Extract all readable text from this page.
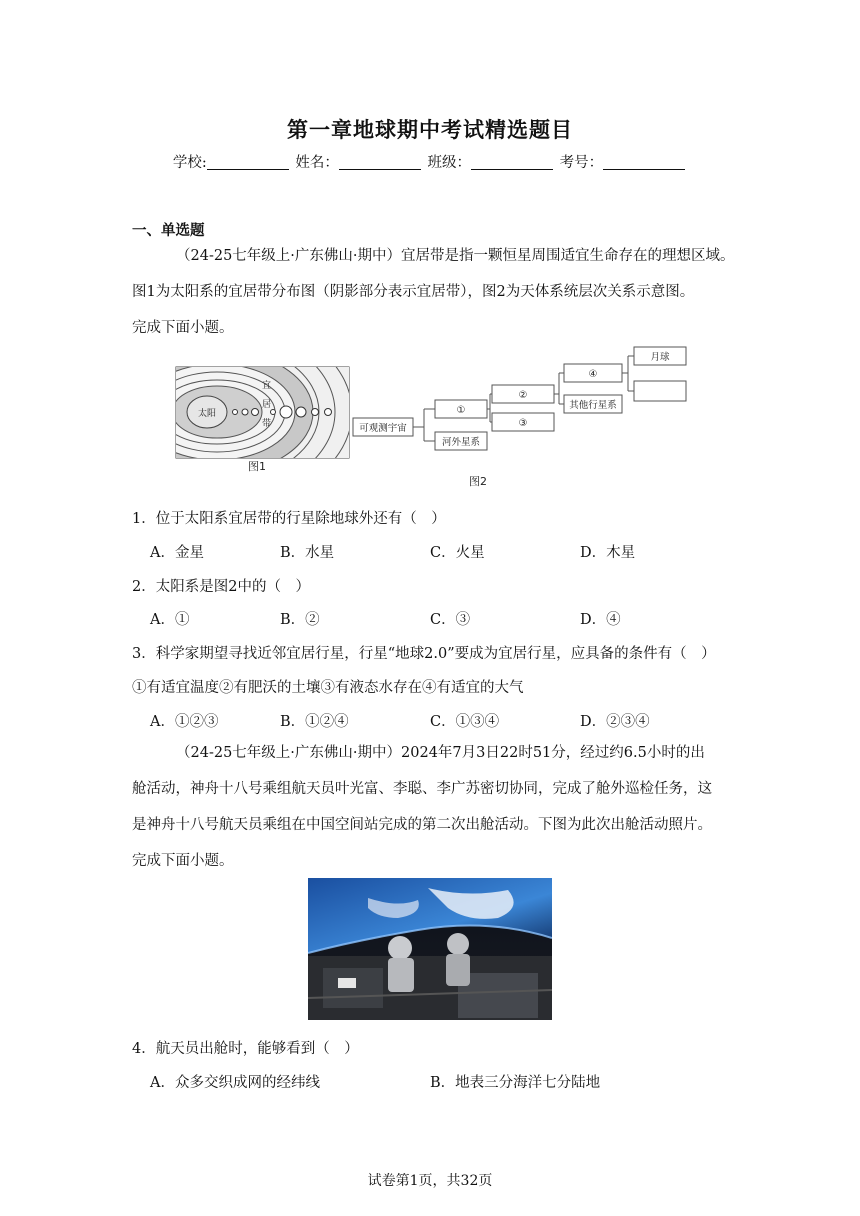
第一章地球期中考试精选题目
学校:	姓名：	班级：	考号：
一、单选题
（24-25七年级上·广东佛山·期中）宜居带是指一颗恒星周围适宜生命存在的理想区域。
图1为太阳系的宜居带分布图（阴影部分表示宜居带），图2为天体系统层次关系示意图。
完成下面小题。
太阳
宜
居
带
图1
可观测宇宙
①
河外星系
②
③
④
其他行星系
月球
图2
1．位于太阳系宜居带的行星除地球外还有（　）
A．金星	B．水星	C．火星	D．木星
2．太阳系是图2中的（　）
A．①	B．②	C．③	D．④
3．科学家期望寻找近邻宜居行星，行星“地球2.0”要成为宜居行星，应具备的条件有（　）
①有适宜温度②有肥沃的土壤③有液态水存在④有适宜的大气
A．①②③	B．①②④	C．①③④	D．②③④
（24-25七年级上·广东佛山·期中）2024年7月3日22时51分，经过约6.5小时的出
舱活动，神舟十八号乘组航天员叶光富、李聪、李广苏密切协同，完成了舱外巡检任务，这
是神舟十八号航天员乘组在中国空间站完成的第二次出舱活动。下图为此次出舱活动照片。
完成下面小题。
4．航天员出舱时，能够看到（　）
A．众多交织成网的经纬线	B．地表三分海洋七分陆地
试卷第1页，共32页
